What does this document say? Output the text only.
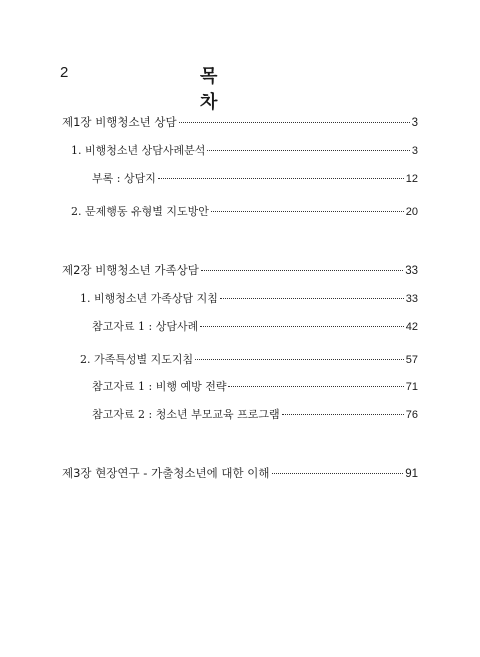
2	목차
제1장 비행청소년 상담	3
1. 비행청소년 상담사례분석	3
부록 : 상담지	12
2. 문제행동 유형별 지도방안	20
제2장 비행청소년 가족상담	33
1. 비행청소년 가족상담 지침	33
참고자료 1 : 상담사례	42
2. 가족특성별 지도지침	57
참고자료 1 : 비행 예방 전략	71
참고자료 2 : 청소년 부모교육 프로그램	76
제3장 현장연구 - 가출청소년에 대한 이해	91
